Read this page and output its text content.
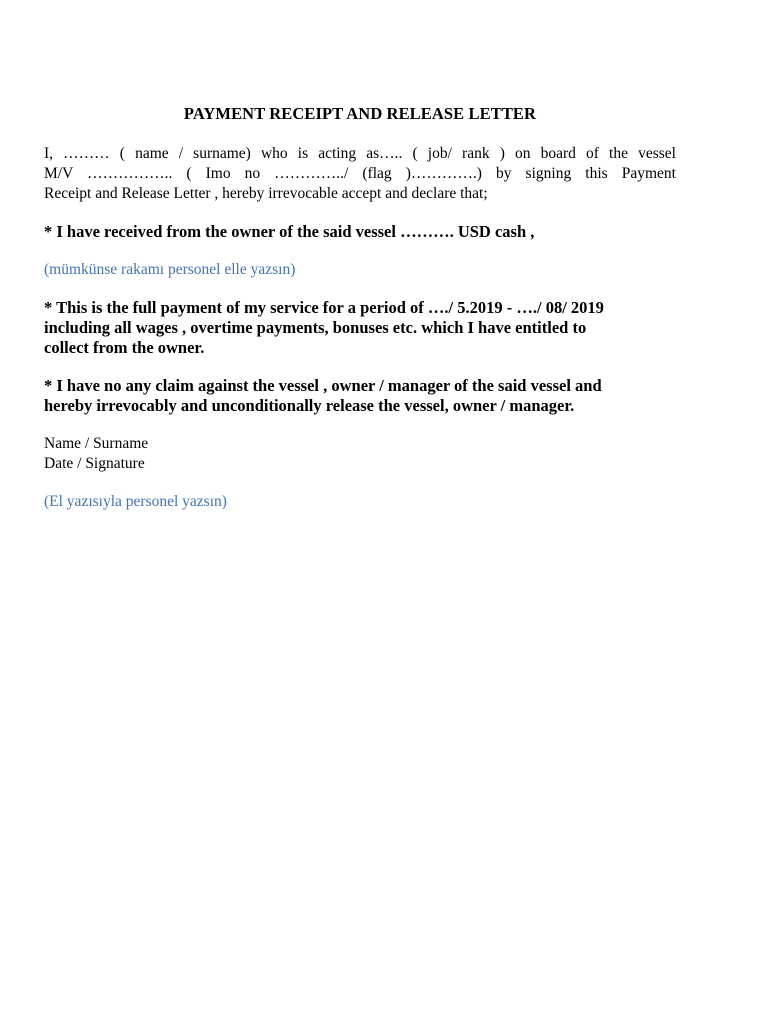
PAYMENT RECEIPT AND RELEASE LETTER
I, ……… ( name / surname) who is acting as….. ( job/ rank ) on board of the vessel
M/V …………….. ( Imo no …………../ (flag )………….) by signing this Payment
Receipt and Release Letter , hereby irrevocable accept and declare that;
* I have received from the owner of the said vessel ………. USD cash ,
(mümkünse rakamı personel elle yazsın)
* This is the full payment of my service for a period of …./ 5.2019 - …./ 08/ 2019
including all wages , overtime payments, bonuses etc. which I have entitled to
collect from the owner.
* I have no any claim against the vessel , owner / manager of the said vessel and
hereby irrevocably and unconditionally release the vessel, owner / manager.
Name / Surname
Date / Signature
(El yazısıyla personel yazsın)
